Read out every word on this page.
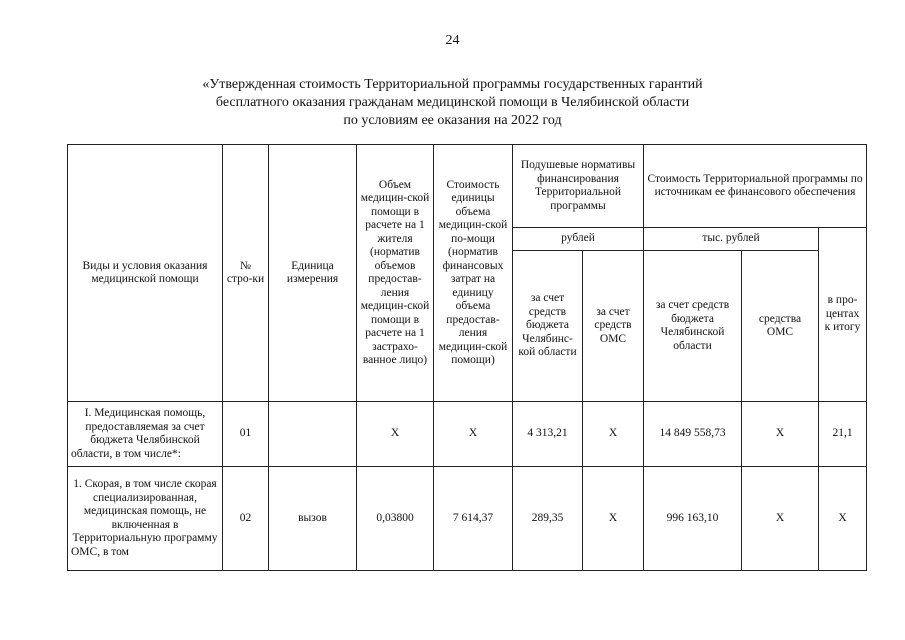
24
«Утвержденная стоимость Территориальной программы государственных гарантий
бесплатного оказания гражданам медицинской помощи в Челябинской области
по условиям ее оказания на 2022 год
Виды и условия оказания медицинской помощи	№ стро-ки	Единица измерения	Объем медицин-ской помощи в расчете на 1 жителя (норматив объемов предостав-ления медицин-ской помощи в расчете на 1 застрахо-ванное лицо)	Стоимость единицы объема медицин-ской по-мощи (норматив финансовых затрат на единицу объема предостав-ления медицин-ской помощи)	Подушевые нормативы финансирования Территориальной программы		Стоимость Территориальной программы по источникам ее финансового обеспечения		
					рублей		тыс. рублей		в про-центах к итогу
					за счет средств бюджета Челябинс-кой области	за счет средств ОМС	за счет средств бюджета Челябинской области	средства ОМС	
I. Медицинская помощь, предоставляемая за счет бюджета Челябинской области, в том числе*:	01		Х	Х	4 313,21	Х	14 849 558,73	Х	21,1
1. Скорая, в том числе скорая специализированная, медицинская помощь, не включенная в Территориальную программу ОМС, в том	02	вызов	0,03800	7 614,37	289,35	Х	996 163,10	Х	Х
